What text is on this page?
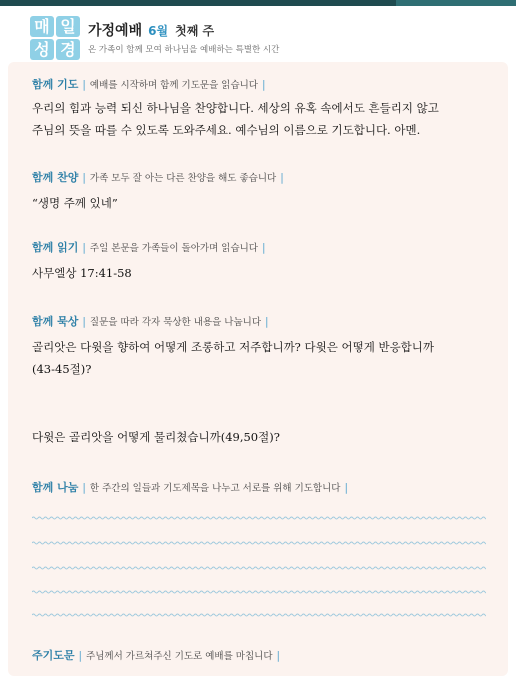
매 일
성 경
가정예배 6월 첫째 주
온 가족이 함께 모여 하나님을 예배하는 특별한 시간
함께 기도 | 예배를 시작하며 함께 기도문을 읽습니다 |
우리의 힘과 능력 되신 하나님을 찬양합니다. 세상의 유혹 속에서도 흔들리지 않고
주님의 뜻을 따를 수 있도록 도와주세요. 예수님의 이름으로 기도합니다. 아멘.
함께 찬양 | 가족 모두 잘 아는 다른 찬양을 해도 좋습니다 |
“생명 주께 있네”
함께 읽기 | 주일 본문을 가족들이 돌아가며 읽습니다 |
사무엘상 17:41-58
함께 묵상 | 질문을 따라 각자 묵상한 내용을 나눕니다 |
골리앗은 다윗을 향하여 어떻게 조롱하고 저주합니까? 다윗은 어떻게 반응합니까
(43-45절)?
다윗은 골리앗을 어떻게 물리쳤습니까(49,50절)?
함께 나눔 | 한 주간의 일들과 기도제목을 나누고 서로를 위해 기도합니다 |
주기도문 | 주님께서 가르쳐주신 기도로 예배를 마칩니다 |
